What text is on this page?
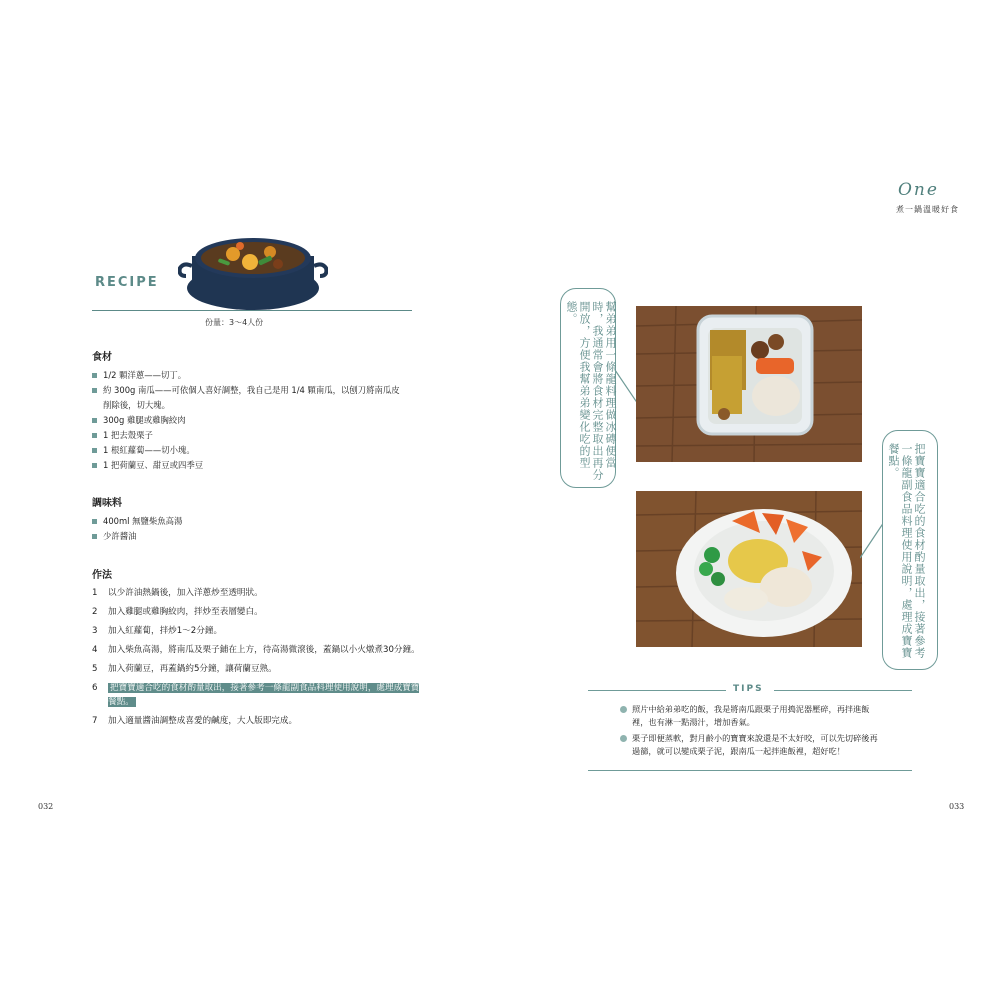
RECIPE
份量：3～4人份
食材
1/2 顆洋蔥——切丁。
約 300g 南瓜——可依個人喜好調整，我自己是用 1/4 顆南瓜，以刨刀將南瓜皮
削除後，切大塊。
300g 雞腿或雞胸絞肉
1 把去殼栗子
1 根紅蘿蔔——切小塊。
1 把荷蘭豆、甜豆或四季豆
調味料
400ml 無鹽柴魚高湯
少許醬油
作法
1 以少許油熱鍋後，加入洋蔥炒至透明狀。
2 加入雞腿或雞胸絞肉，拌炒至表層變白。
3 加入紅蘿蔔，拌炒1～2分鐘。
4 加入柴魚高湯，將南瓜及栗子鋪在上方，待高湯微滾後，蓋鍋以小火燉煮30分鐘。
5 加入荷蘭豆，再蓋鍋約5分鐘，讓荷蘭豆熟。
6 把寶寶適合吃的食材酌量取出，接著參考一條龍副食品料理使用說明，處理成寶寶餐點。
7 加入適量醬油調整成喜愛的鹹度，大人版即完成。
032
One
煮一鍋溫暖好食
幫弟弟用一條龍料理做冰磚便當時，我通常會將食材完整取出再分開放，方便我幫弟弟變化吃的型態。
把寶寶適合吃的食材酌量取出，接著參考一條龍副食品料理使用說明，處理成寶寶餐點。
TIPS
照片中給弟弟吃的飯，我是將南瓜跟栗子用搗泥器壓碎，再拌進飯裡，也有淋一點湯汁，增加香氣。
栗子即便蒸軟，對月齡小的寶寶來說還是不太好咬，可以先切碎後再過篩，就可以變成栗子泥，跟南瓜一起拌進飯裡，超好吃！
033
